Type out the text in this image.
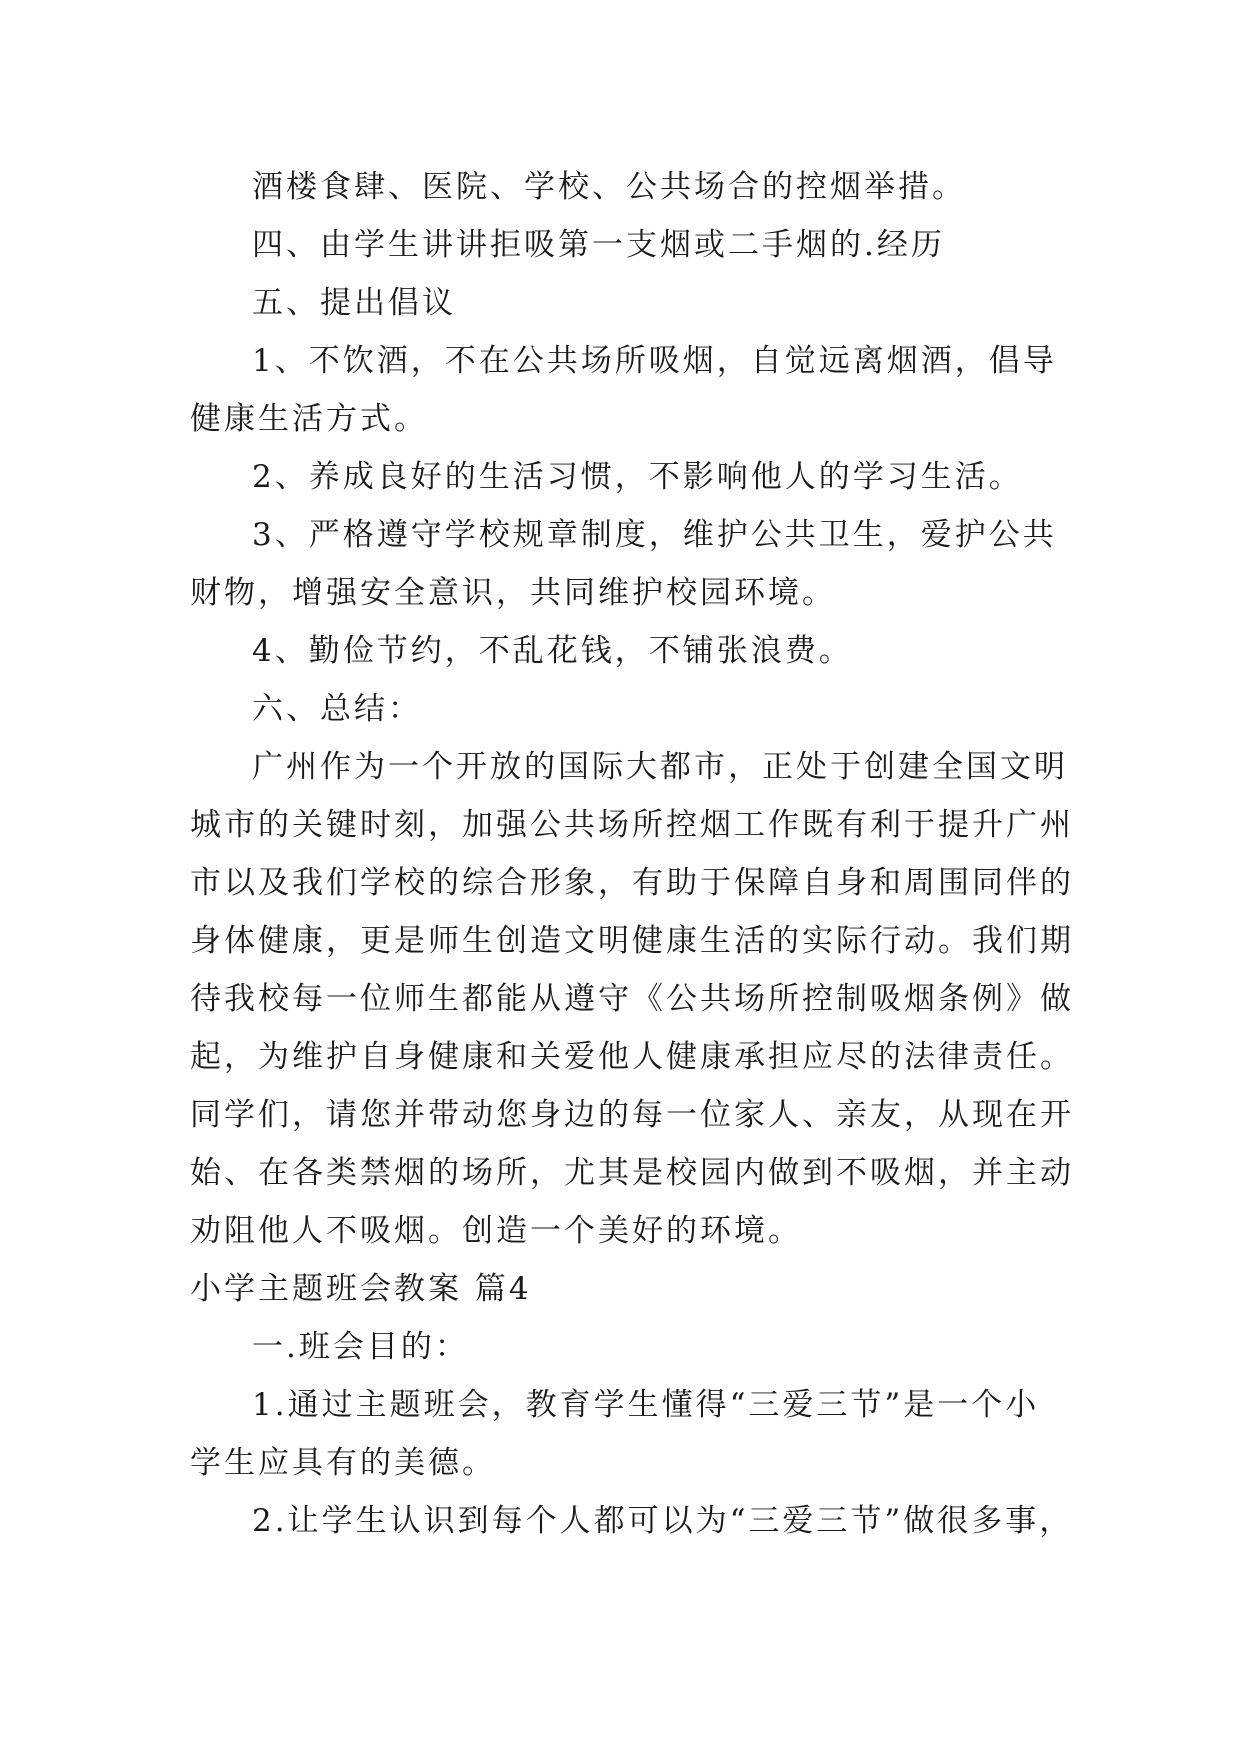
酒楼食肆、医院、学校、公共场合的控烟举措。
四、由学生讲讲拒吸第一支烟或二手烟的.经历
五、提出倡议
1、不饮酒，不在公共场所吸烟，自觉远离烟酒，倡导
健康生活方式。
2、养成良好的生活习惯，不影响他人的学习生活。
3、严格遵守学校规章制度，维护公共卫生，爱护公共
财物，增强安全意识，共同维护校园环境。
4、勤俭节约，不乱花钱，不铺张浪费。
六、总结：
广州作为一个开放的国际大都市，正处于创建全国文明
城市的关键时刻，加强公共场所控烟工作既有利于提升广州
市以及我们学校的综合形象，有助于保障自身和周围同伴的
身体健康，更是师生创造文明健康生活的实际行动。我们期
待我校每一位师生都能从遵守《公共场所控制吸烟条例》做
起，为维护自身健康和关爱他人健康承担应尽的法律责任。
同学们，请您并带动您身边的每一位家人、亲友，从现在开
始、在各类禁烟的场所，尤其是校园内做到不吸烟，并主动
劝阻他人不吸烟。创造一个美好的环境。
小学主题班会教案 篇4
一.班会目的：
1.通过主题班会，教育学生懂得“三爱三节”是一个小
学生应具有的美德。
2.让学生认识到每个人都可以为“三爱三节”做很多事，
